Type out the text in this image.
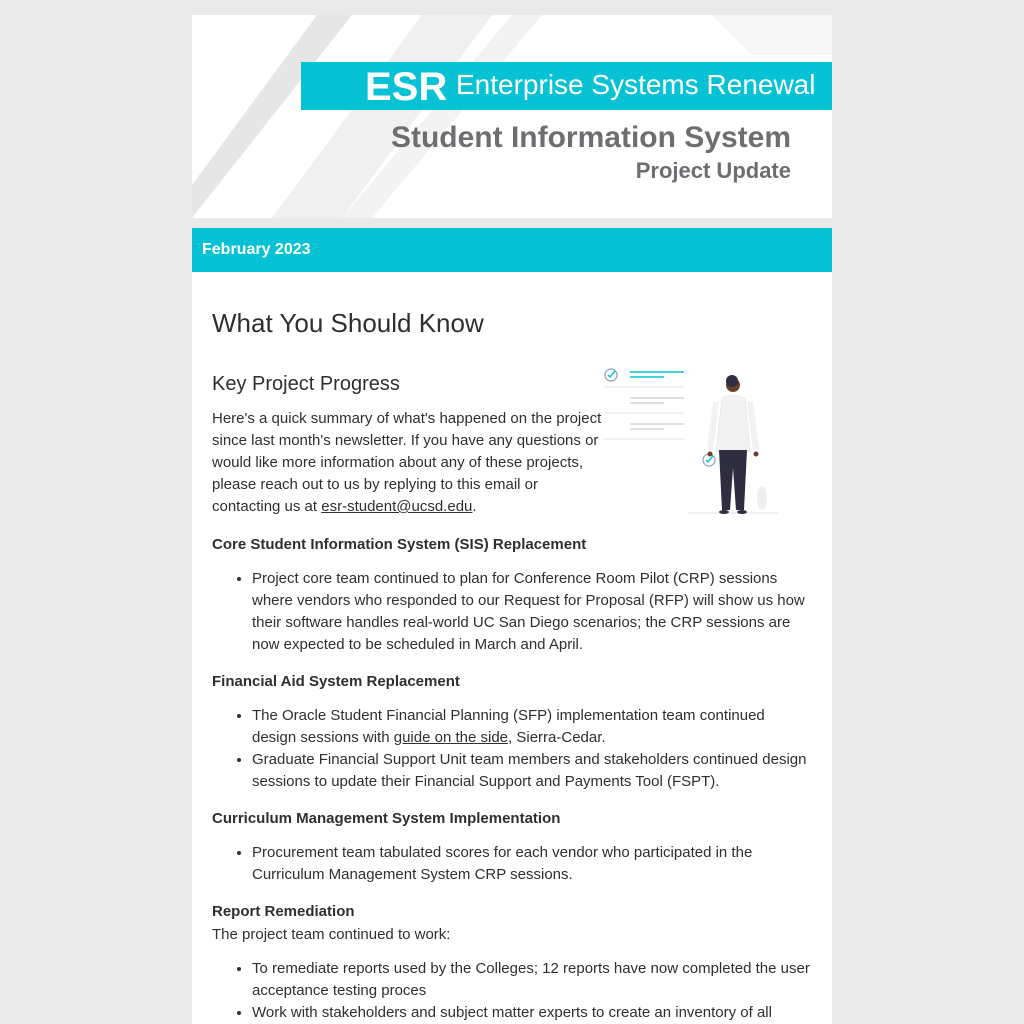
ESR Enterprise Systems Renewal
Student Information System
Project Update
February 2023
What You Should Know
Key Project Progress

Here's a quick summary of what's happened on the project since last month's newsletter. If you have any questions or would like more information about any of these projects, please reach out to us by replying to this email or contacting us at esr-student@ucsd.edu.

Core Student Information System (SIS) Replacement

• Project core team continued to plan for Conference Room Pilot (CRP) sessions where vendors who responded to our Request for Proposal (RFP) will show us how their software handles real-world UC San Diego scenarios; the CRP sessions are now expected to be scheduled in March and April.

Financial Aid System Replacement

• The Oracle Student Financial Planning (SFP) implementation team continued design sessions with guide on the side, Sierra-Cedar.
• Graduate Financial Support Unit team members and stakeholders continued design sessions to update their Financial Support and Payments Tool (FSPT).

Curriculum Management System Implementation

• Procurement team tabulated scores for each vendor who participated in the Curriculum Management System CRP sessions.

Report Remediation

The project team continued to work:

• To remediate reports used by the Colleges; 12 reports have now completed the user acceptance testing proces
• Work with stakeholders and subject matter experts to create an inventory of all
